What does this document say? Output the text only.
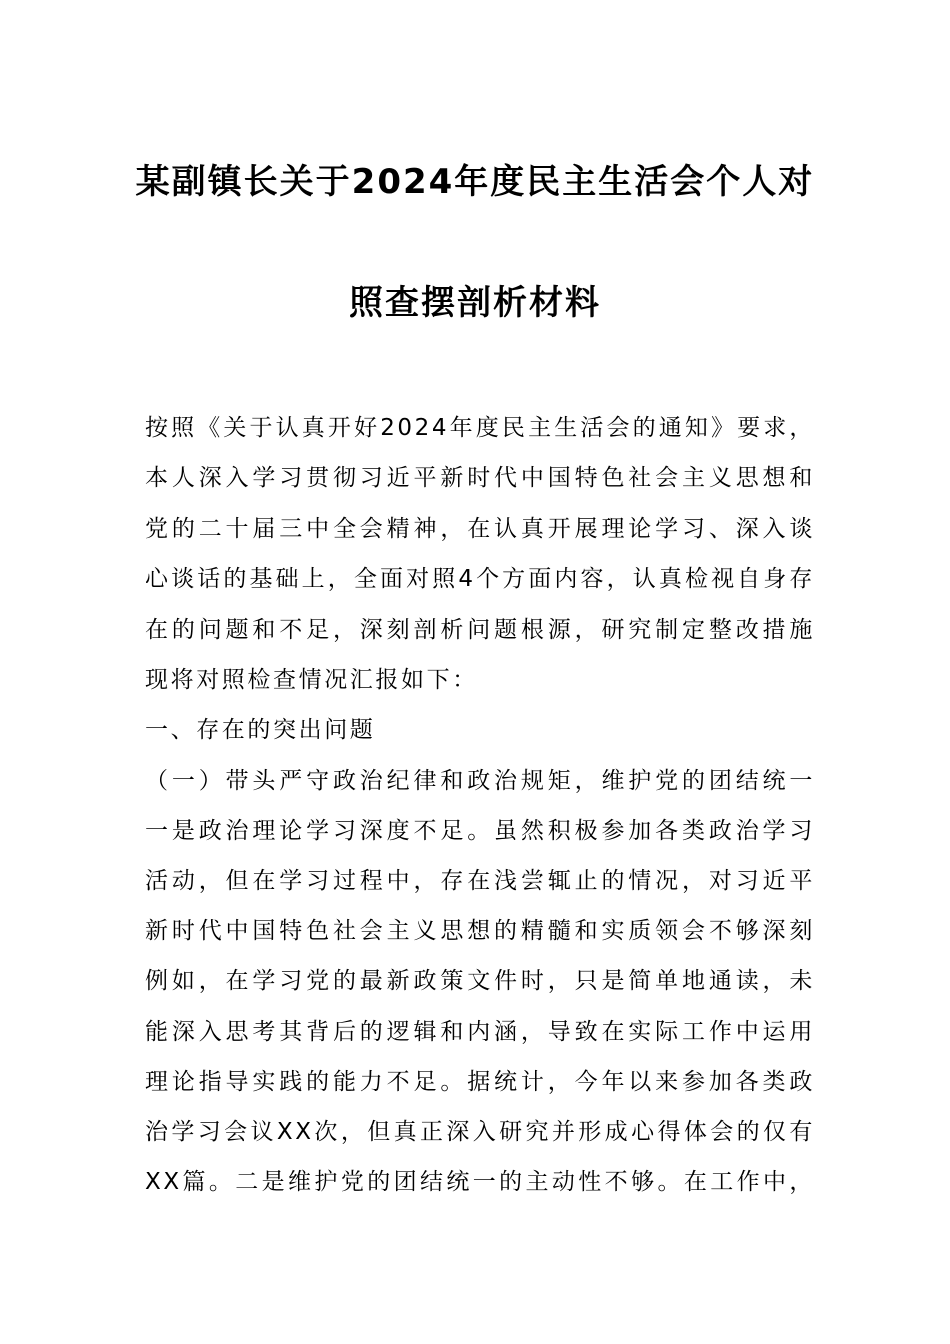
某副镇长关于2024年度民主生活会个人对
照查摆剖析材料
按照《关于认真开好2024年度民主生活会的通知》要求，
本人深入学习贯彻习近平新时代中国特色社会主义思想和
党的二十届三中全会精神，在认真开展理论学习、深入谈
心谈话的基础上，全面对照4个方面内容，认真检视自身存
在的问题和不足，深刻剖析问题根源，研究制定整改措施
现将对照检查情况汇报如下：
一、存在的突出问题
（一）带头严守政治纪律和政治规矩，维护党的团结统一
一是政治理论学习深度不足。虽然积极参加各类政治学习
活动，但在学习过程中，存在浅尝辄止的情况，对习近平
新时代中国特色社会主义思想的精髓和实质领会不够深刻
例如，在学习党的最新政策文件时，只是简单地通读，未
能深入思考其背后的逻辑和内涵，导致在实际工作中运用
理论指导实践的能力不足。据统计，今年以来参加各类政
治学习会议XX次，但真正深入研究并形成心得体会的仅有
XX篇。二是维护党的团结统一的主动性不够。在工作中，
